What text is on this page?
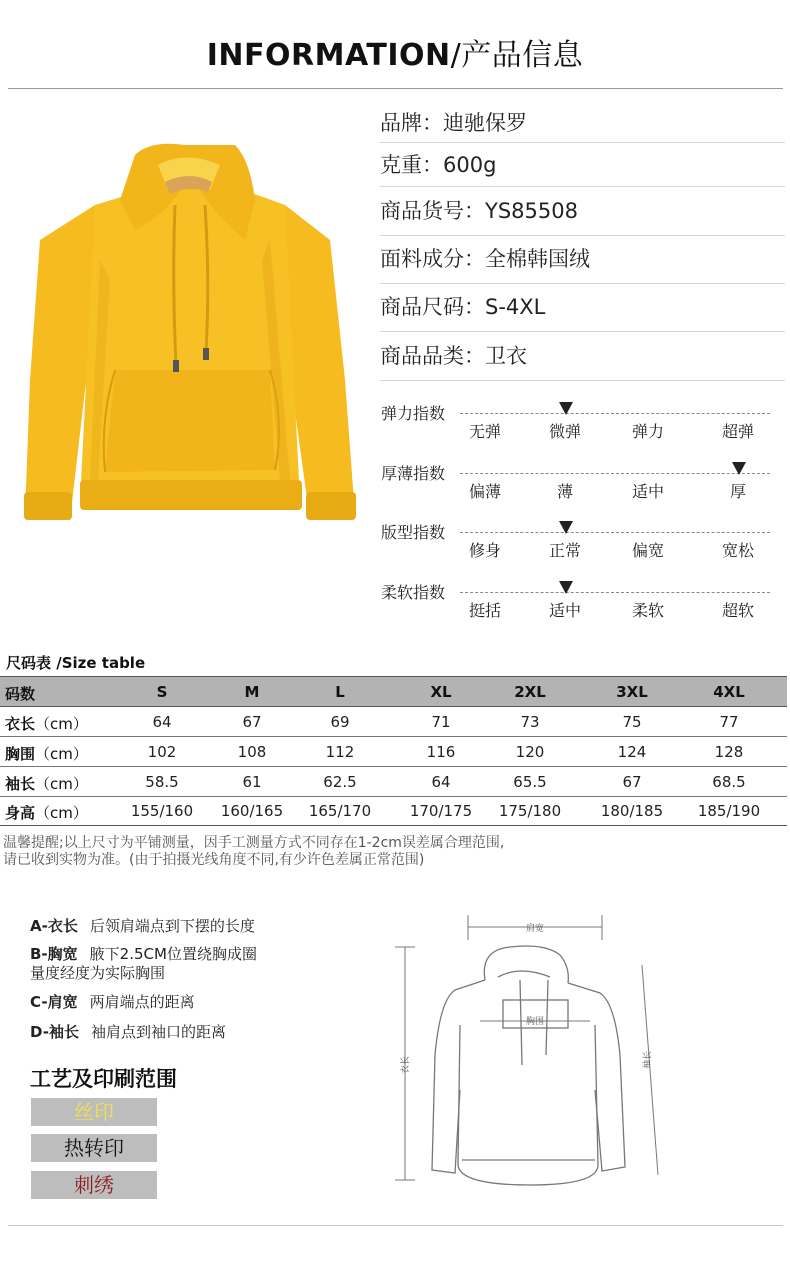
INFORMATION/产品信息
品牌：迪驰保罗
克重：600g
商品货号：YS85508
面料成分：全棉韩国绒
商品尺码：S-4XL
商品品类：卫衣
弹力指数
无弹	微弹	弹力	超弹
厚薄指数
偏薄	薄	适中	厚
版型指数
修身	正常	偏宽	宽松
柔软指数
挺括	适中	柔软	超软
尺码表 /Size table
码数	S	M	L	XL	2XL	3XL	4XL
衣长（cm）	64	67	69	71	73	75	77
胸围（cm）	102	108	112	116	120	124	128
袖长（cm）	58.5	61	62.5	64	65.5	67	68.5
身高（cm）	155/160	160/165	165/170	170/175	175/180	180/185	185/190
温馨提醒;以上尺寸为平铺测量，因手工测量方式不同存在1-2cm误差属合理范围,
请已收到实物为准。(由于拍摄光线角度不同,有少许色差属正常范围)
A-衣长 后领肩端点到下摆的长度
B-胸宽 腋下2.5CM位置绕胸成圈
量度经度为实际胸围
C-肩宽 两肩端点的距离
D-袖长 袖肩点到袖口的距离
工艺及印刷范围
丝印
热转印
刺绣
肩宽
胸围
衣长	袖长
